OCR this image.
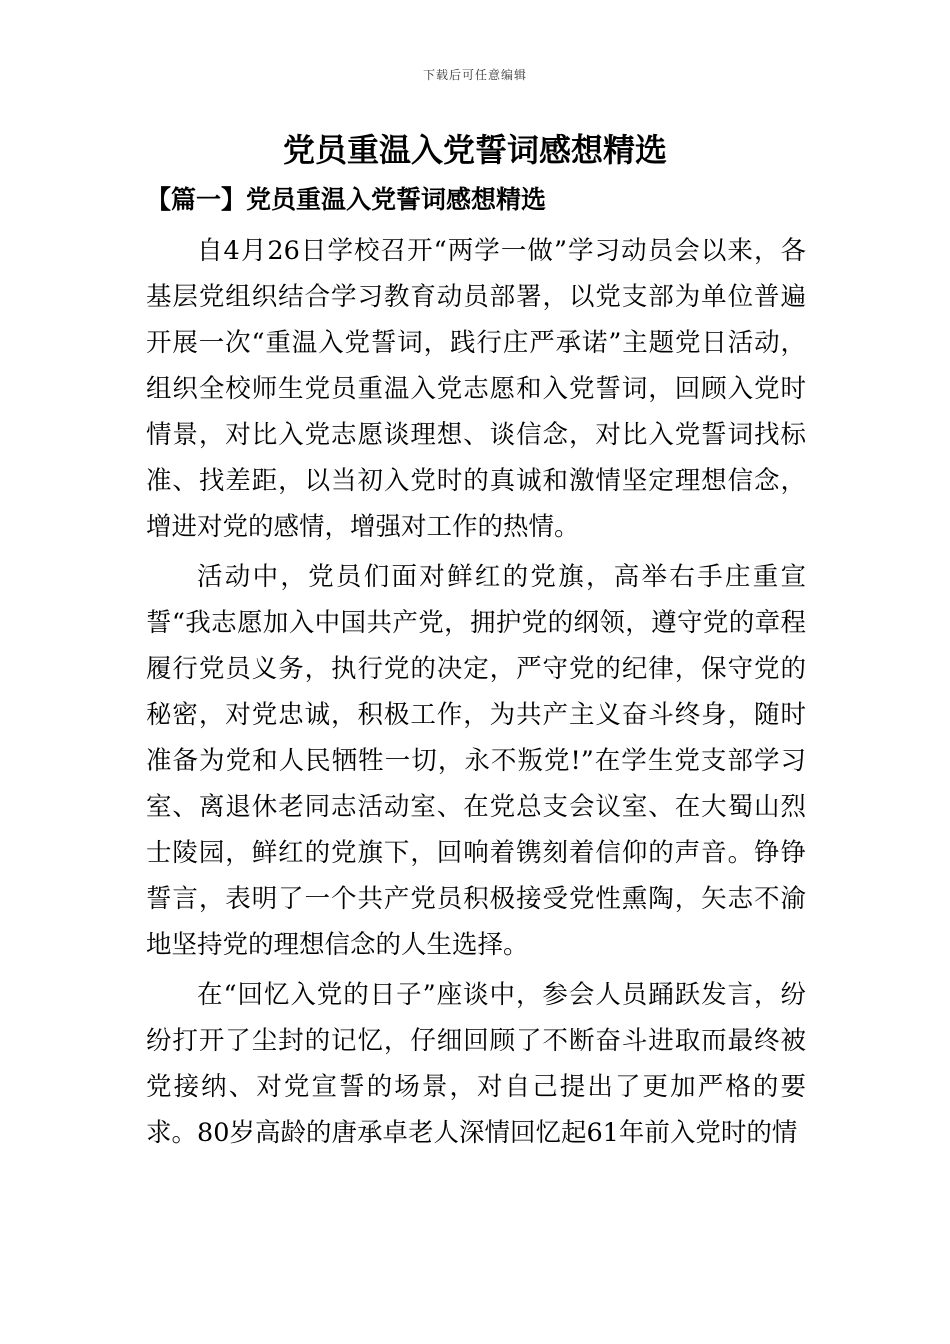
下载后可任意编辑
党员重温入党誓词感想精选
【篇一】党员重温入党誓词感想精选

自4月26日学校召开“两学一做”学习动员会以来，各基层党组织结合学习教育动员部署，以党支部为单位普遍开展一次“重温入党誓词，践行庄严承诺”主题党日活动，组织全校师生党员重温入党志愿和入党誓词，回顾入党时情景，对比入党志愿谈理想、谈信念，对比入党誓词找标准、找差距，以当初入党时的真诚和激情坚定理想信念，增进对党的感情，增强对工作的热情。

活动中，党员们面对鲜红的党旗，高举右手庄重宣誓“我志愿加入中国共产党，拥护党的纲领，遵守党的章程履行党员义务，执行党的决定，严守党的纪律，保守党的秘密，对党忠诚，积极工作，为共产主义奋斗终身，随时准备为党和人民牺牲一切，永不叛党!”在学生党支部学习室、离退休老同志活动室、在党总支会议室、在大蜀山烈士陵园，鲜红的党旗下，回响着镌刻着信仰的声音。铮铮誓言，表明了一个共产党员积极接受党性熏陶，矢志不渝地坚持党的理想信念的人生选择。

在“回忆入党的日子”座谈中，参会人员踊跃发言，纷纷打开了尘封的记忆，仔细回顾了不断奋斗进取而最终被党接纳、对党宣誓的场景，对自己提出了更加严格的要求。80岁高龄的唐承卓老人深情回忆起61年前入党时的情
